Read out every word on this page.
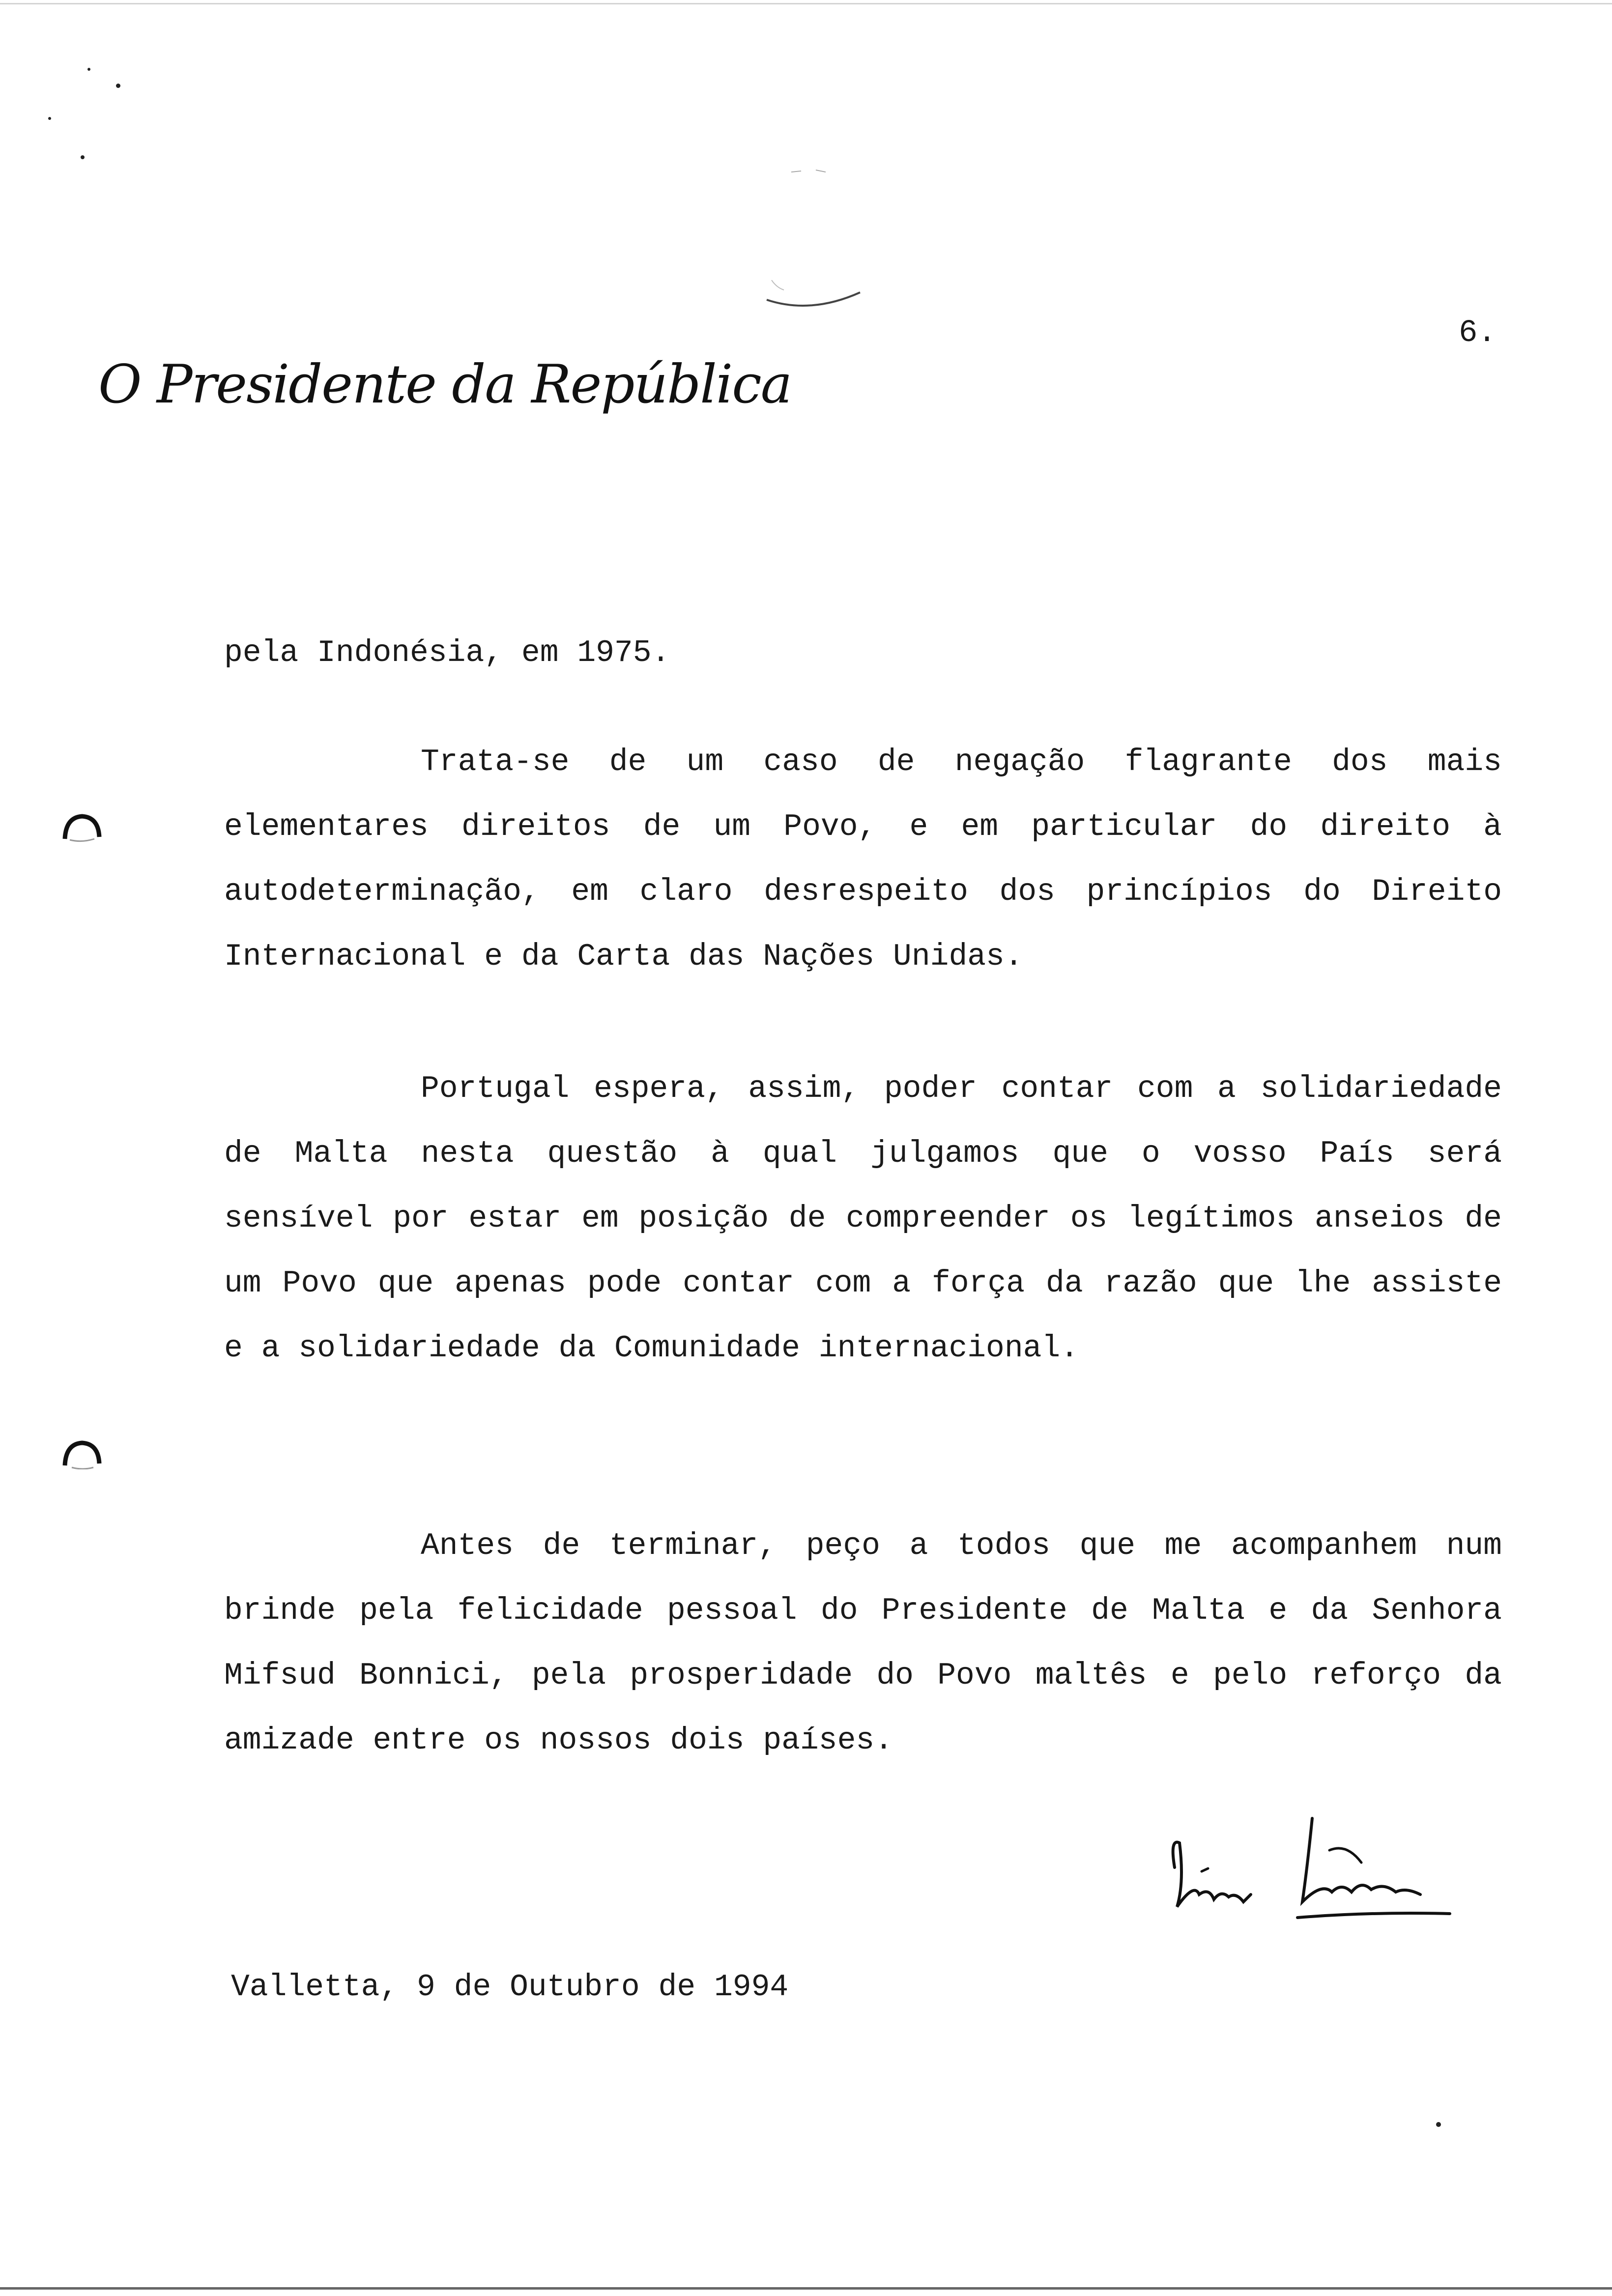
6.
O Presidente da República

pela Indonésia, em 1975.

Trata-se de um caso de negação flagrante dos mais elementares direitos de um Povo, e em particular do direito à autodeterminação, em claro desrespeito dos princípios do Direito Internacional e da Carta das Nações Unidas.

Portugal espera, assim, poder contar com a solidariedade de Malta nesta questão à qual julgamos que o vosso País será sensível por estar em posição de compreender os legítimos anseios de um Povo que apenas pode contar com a força da razão que lhe assiste e a solidariedade da Comunidade internacional.

Antes de terminar, peço a todos que me acompanhem num brinde pela felicidade pessoal do Presidente de Malta e da Senhora Mifsud Bonnici, pela prosperidade do Povo maltês e pelo reforço da amizade entre os nossos dois países.

Valletta, 9 de Outubro de 1994
